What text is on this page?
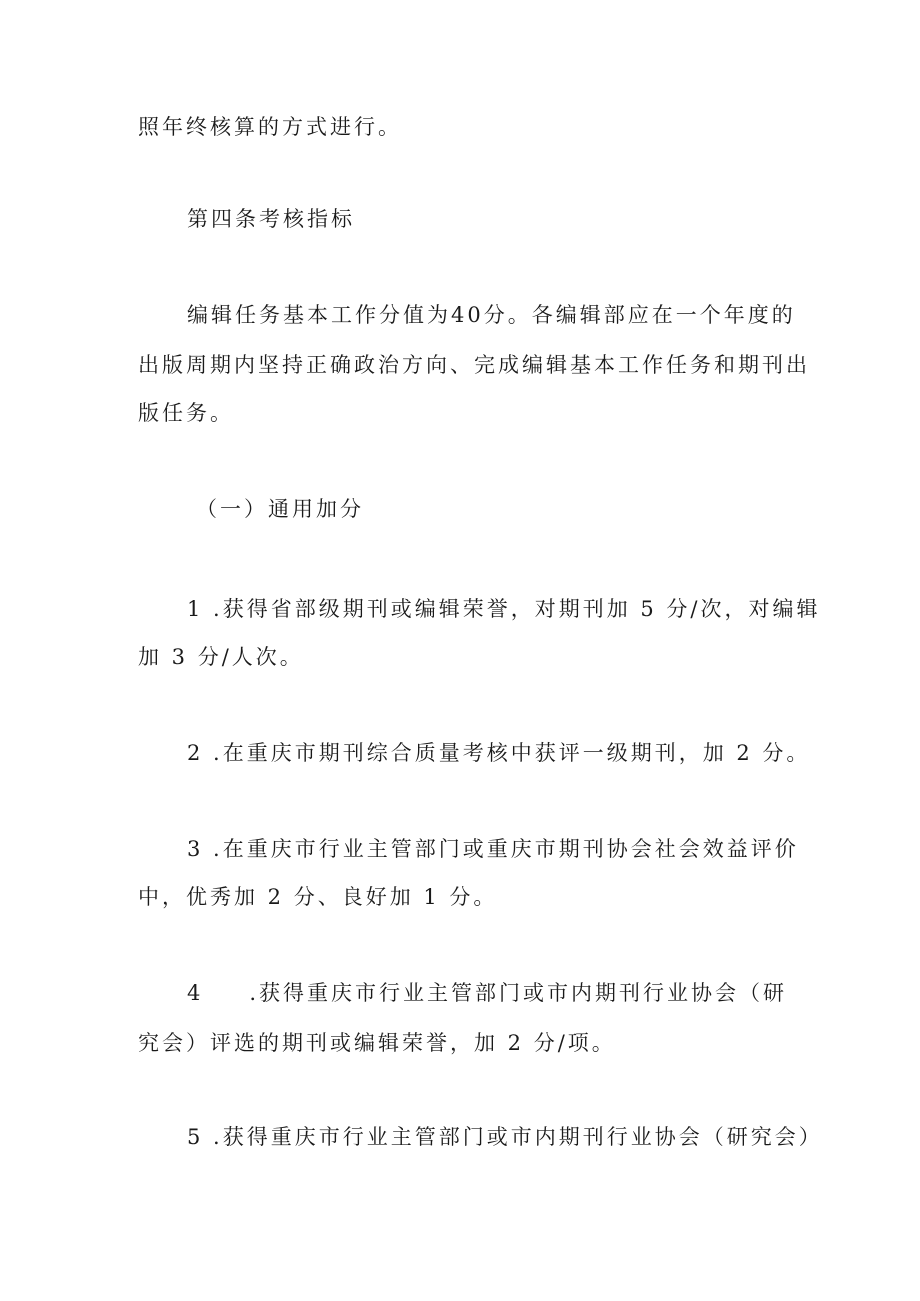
照年终核算的方式进行。
第四条考核指标
编辑任务基本工作分值为40分。各编辑部应在一个年度的
出版周期内坚持正确政治方向、完成编辑基本工作任务和期刊出
版任务。
（一）通用加分
1 .获得省部级期刊或编辑荣誉，对期刊加 5 分/次，对编辑
加 3 分/人次。
2 .在重庆市期刊综合质量考核中获评一级期刊，加 2 分。
3 .在重庆市行业主管部门或重庆市期刊协会社会效益评价
中，优秀加 2 分、良好加 1 分。
4 .获得重庆市行业主管部门或市内期刊行业协会（研
究会）评选的期刊或编辑荣誉，加 2 分/项。
5 .获得重庆市行业主管部门或市内期刊行业协会（研究会）
